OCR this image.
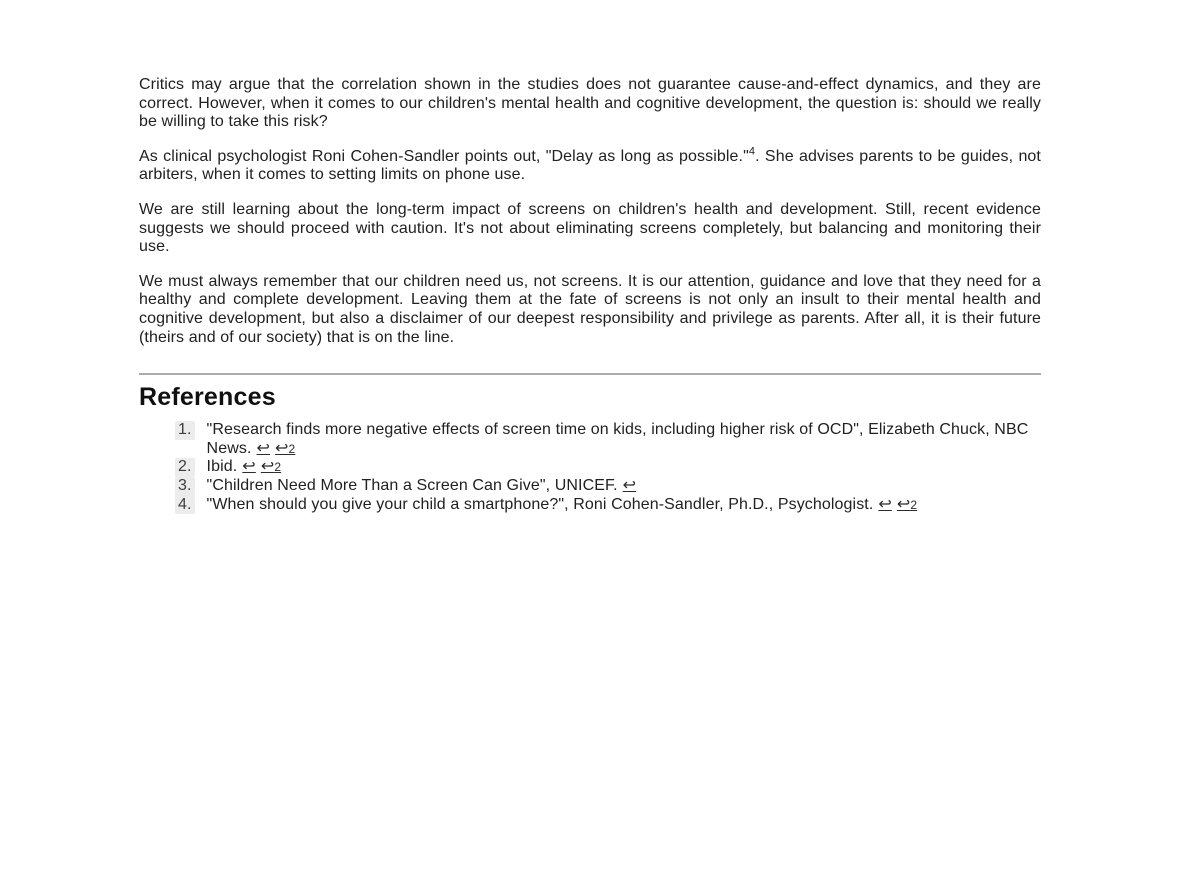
Critics may argue that the correlation shown in the studies does not guarantee cause-and-effect dynamics, and they are correct. However, when it comes to our children's mental health and cognitive development, the question is: should we really be willing to take this risk?

As clinical psychologist Roni Cohen-Sandler points out, "Delay as long as possible."$^4$. She advises parents to be guides, not arbiters, when it comes to setting limits on phone use.

We are still learning about the long-term impact of screens on children's health and development. Still, recent evidence suggests we should proceed with caution. It's not about eliminating screens completely, but balancing and monitoring their use.

We must always remember that our children need us, not screens. It is our attention, guidance and love that they need for a healthy and complete development. Leaving them at the fate of screens is not only an insult to their mental health and cognitive development, but also a disclaimer of our deepest responsibility and privilege as parents. After all, it is their future (theirs and of our society) that is on the line.

References
1. "Research finds more negative effects of screen time on kids, including higher risk of OCD", Elizabeth Chuck, NBC News. ↩ ↩2
2. Ibid. ↩ ↩2
3. "Children Need More Than a Screen Can Give", UNICEF. ↩
4. "When should you give your child a smartphone?", Roni Cohen-Sandler, Ph.D., Psychologist. ↩ ↩2
